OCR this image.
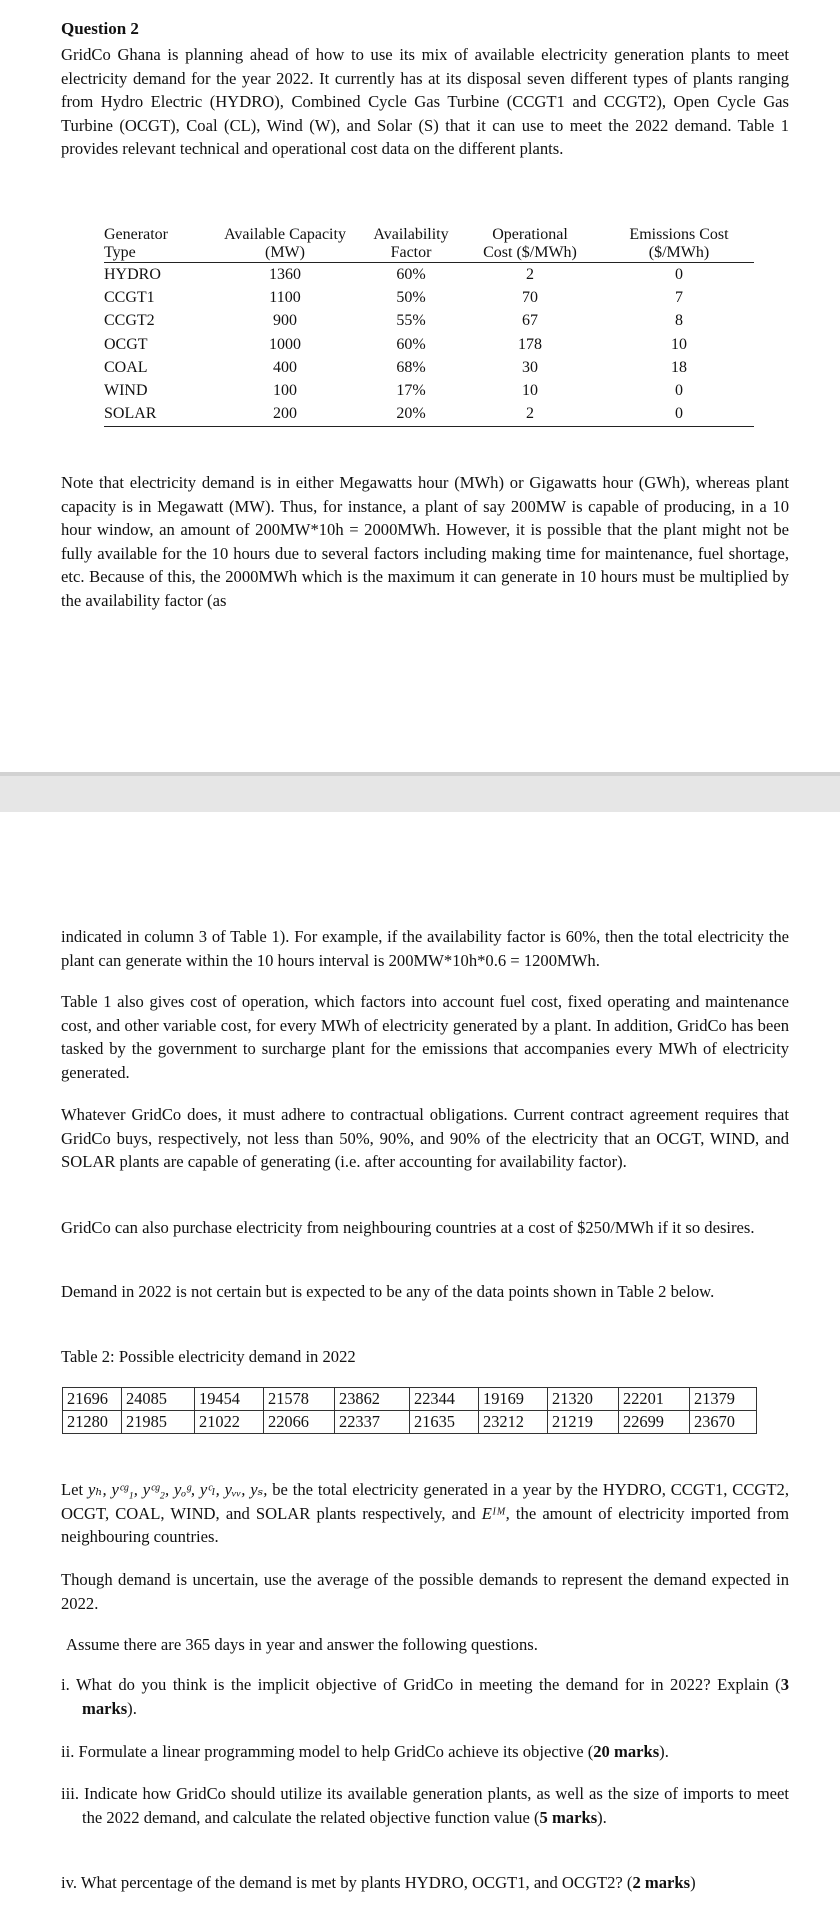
Question 2

GridCo Ghana is planning ahead of how to use its mix of available electricity generation plants to meet electricity demand for the year 2022. It currently has at its disposal seven different types of plants ranging from Hydro Electric (HYDRO), Combined Cycle Gas Turbine (CCGT1 and CCGT2), Open Cycle Gas Turbine (OCGT), Coal (CL), Wind (W), and Solar (S) that it can use to meet the 2022 demand. Table 1 provides relevant technical and operational cost data on the different plants.

Generator	Available Capacity	Availability	Operational	Emissions Cost
Type	(MW)	Factor	Cost ($/MWh)	($/MWh)
HYDRO	1360	60%	2	0
CCGT1	1100	50%	70	7
CCGT2	900	55%	67	8
OCGT	1000	60%	178	10
COAL	400	68%	30	18
WIND	100	17%	10	0
SOLAR	200	20%	2	0

Note that electricity demand is in either Megawatts hour (MWh) or Gigawatts hour (GWh), whereas plant capacity is in Megawatt (MW). Thus, for instance, a plant of say 200MW is capable of producing, in a 10 hour window, an amount of 200MW*10h = 2000MWh. However, it is possible that the plant might not be fully available for the 10 hours due to several factors including making time for maintenance, fuel shortage, etc. Because of this, the 2000MWh which is the maximum it can generate in 10 hours must be multiplied by the availability factor (as

indicated in column 3 of Table 1). For example, if the availability factor is 60%, then the total electricity the plant can generate within the 10 hours interval is 200MW*10h*0.6 = 1200MWh.

Table 1 also gives cost of operation, which factors into account fuel cost, fixed operating and maintenance cost, and other variable cost, for every MWh of electricity generated by a plant. In addition, GridCo has been tasked by the government to surcharge plant for the emissions that accompanies every MWh of electricity generated.

Whatever GridCo does, it must adhere to contractual obligations. Current contract agreement requires that GridCo buys, respectively, not less than 50%, 90%, and 90% of the electricity that an OCGT, WIND, and SOLAR plants are capable of generating (i.e. after accounting for availability factor).

GridCo can also purchase electricity from neighbouring countries at a cost of $250/MWh if it so desires.

Demand in 2022 is not certain but is expected to be any of the data points shown in Table 2 below.

Table 2: Possible electricity demand in 2022

21696	24085	19454	21578	23862	22344	19169	21320	22201	21379
21280	21985	21022	22066	22337	21635	23212	21219	22699	23670

Let yₕ, yᶜᵍ₁, yᶜᵍ₂, yₒᵍ, yᶜₗ, yᵥᵥ, yₛ, be the total electricity generated in a year by the HYDRO, CCGT1, CCGT2, OCGT, COAL, WIND, and SOLAR plants respectively, and Eᴵᴹ, the amount of electricity imported from neighbouring countries.

Though demand is uncertain, use the average of the possible demands to represent the demand expected in 2022.

Assume there are 365 days in year and answer the following questions.

i. What do you think is the implicit objective of GridCo in meeting the demand for in 2022? Explain (3 marks).

ii. Formulate a linear programming model to help GridCo achieve its objective (20 marks).

iii. Indicate how GridCo should utilize its available generation plants, as well as the size of imports to meet the 2022 demand, and calculate the related objective function value (5 marks).

iv. What percentage of the demand is met by plants HYDRO, OCGT1, and OCGT2? (2 marks)
